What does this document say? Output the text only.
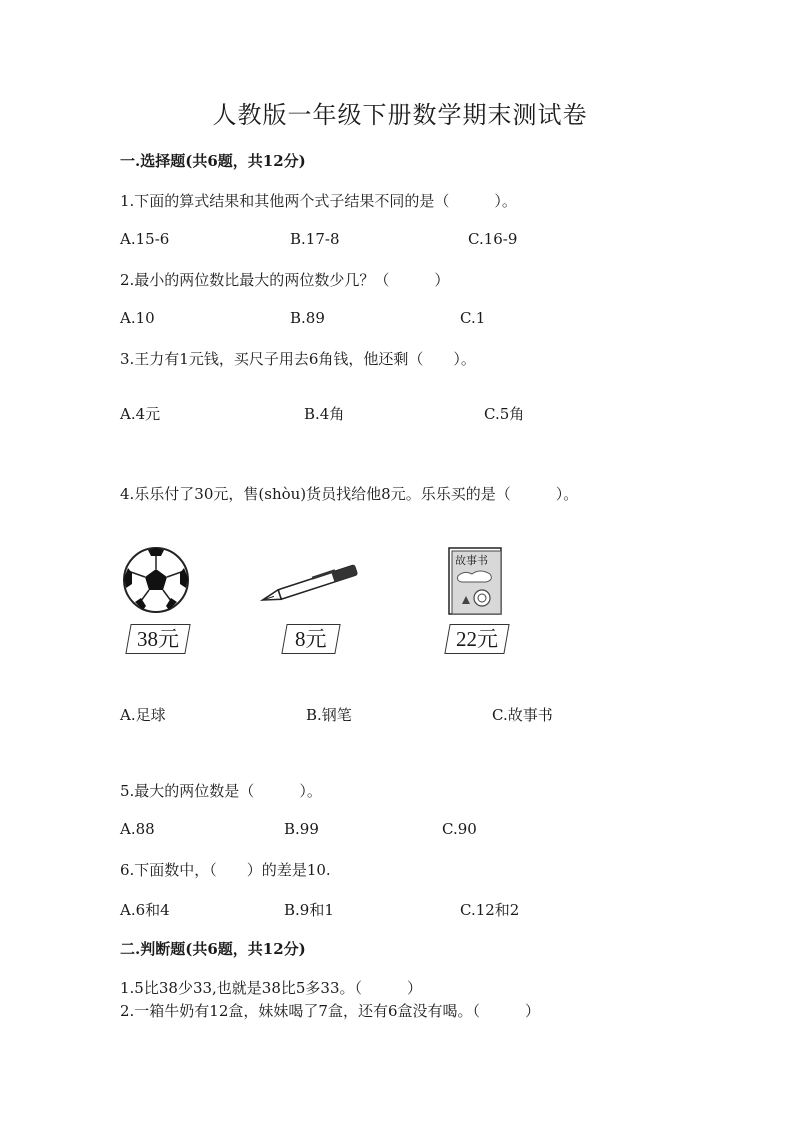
人教版一年级下册数学期末测试卷
一.选择题(共6题，共12分)
1.下面的算式结果和其他两个式子结果不同的是（　　　）。
A.15-6	B.17-8	C.16-9
2.最小的两位数比最大的两位数少几？（　　　）
A.10	B.89	C.1
3.王力有1元钱，买尺子用去6角钱，他还剩（　　）。
A.4元	B.4角	C.5角
4.乐乐付了30元，售(shòu)货员找给他8元。乐乐买的是（　　　）。
故事书
38元	8元	22元
A.足球	B.钢笔	C.故事书
5.最大的两位数是（　　　）。
A.88	B.99	C.90
6.下面数中，（　　）的差是10.
A.6和4	B.9和1	C.12和2
二.判断题(共6题，共12分)
1.5比38少33,也就是38比5多33。（　　　）
2.一箱牛奶有12盒，妹妹喝了7盒，还有6盒没有喝。（　　　）
